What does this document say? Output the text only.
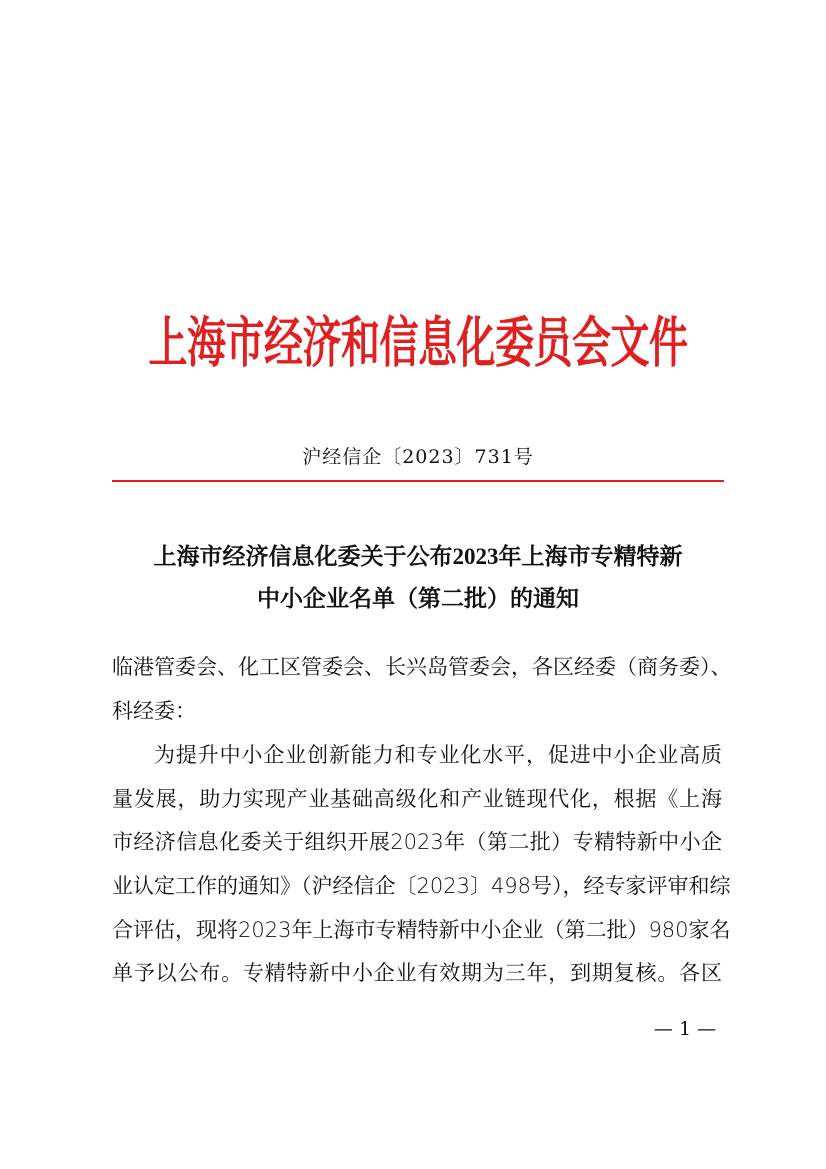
上海市经济和信息化委员会文件
沪经信企〔2023〕731号
上海市经济信息化委关于公布2023年上海市专精特新
中小企业名单（第二批）的通知
临港管委会、化工区管委会、长兴岛管委会，各区经委（商务委）、
科经委：
为提升中小企业创新能力和专业化水平，促进中小企业高质
量发展，助力实现产业基础高级化和产业链现代化，根据《上海
市经济信息化委关于组织开展2023年（第二批）专精特新中小企
业认定工作的通知》（沪经信企〔2023〕498号），经专家评审和综
合评估，现将2023年上海市专精特新中小企业（第二批）980家名
单予以公布。专精特新中小企业有效期为三年，到期复核。各区
— 1 —
